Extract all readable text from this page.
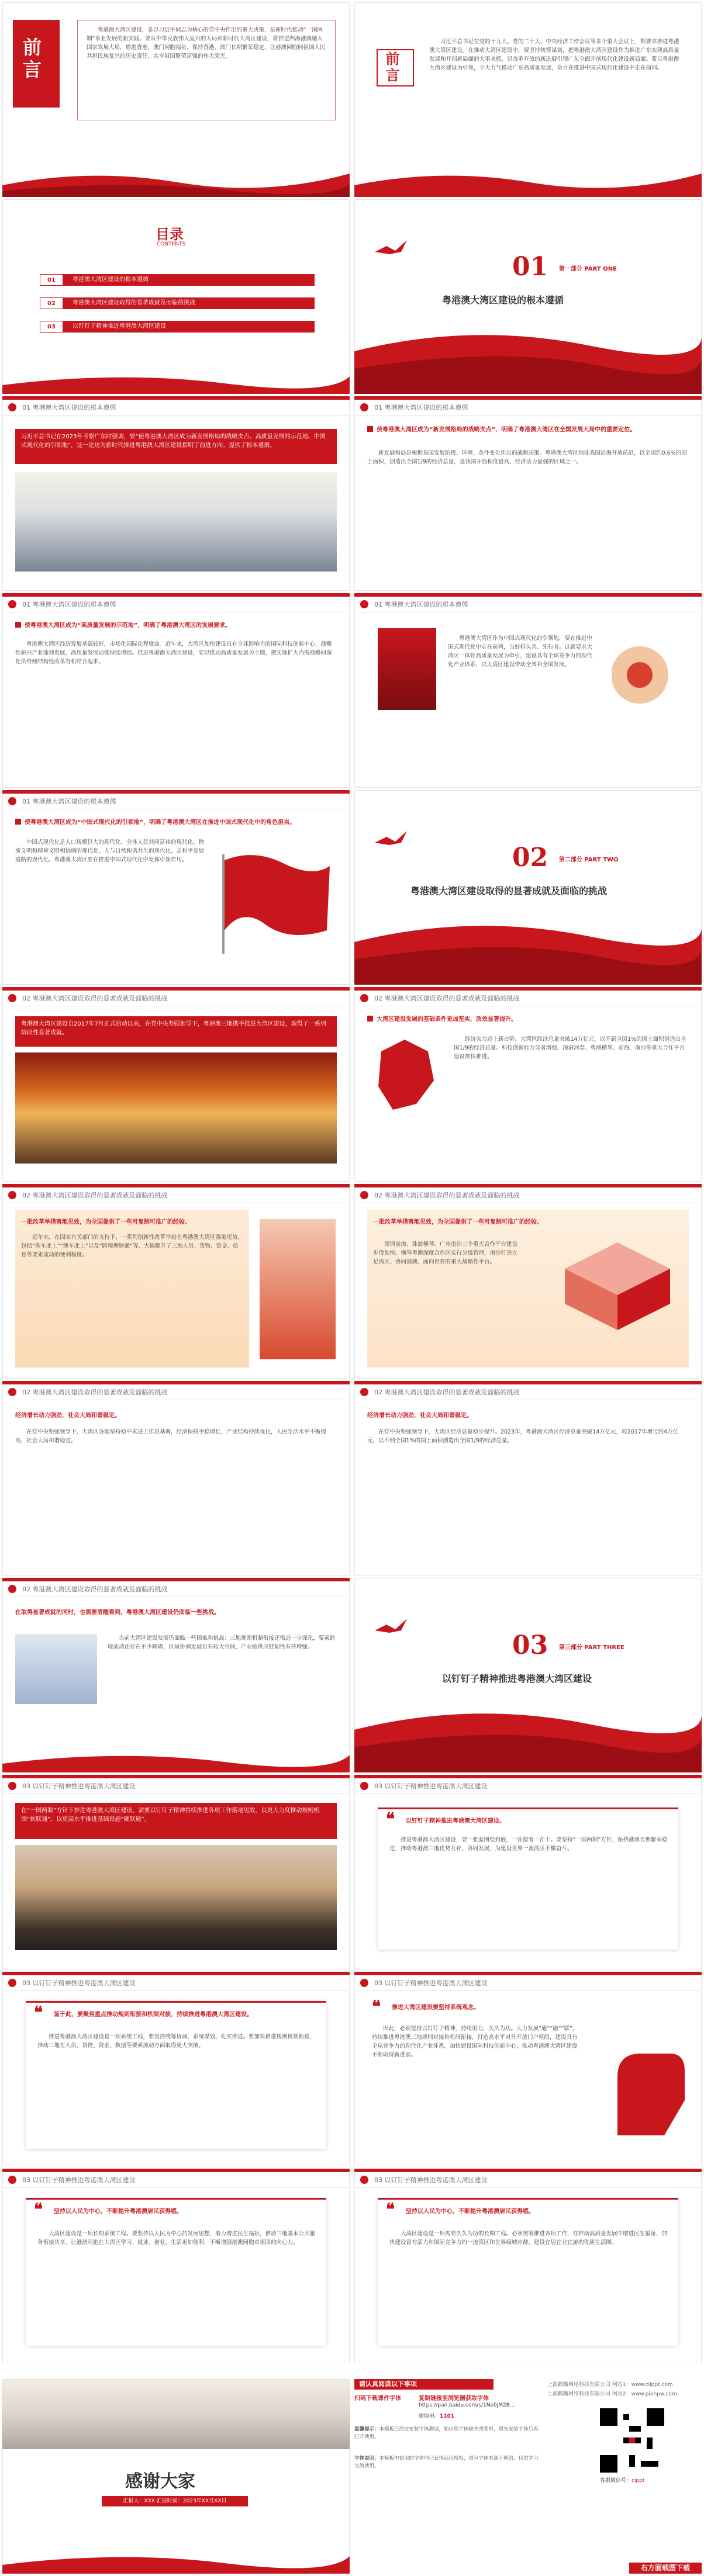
前言

粤港澳大湾区建设，是以习近平同志为核心的党中央作出的重大决策，是新时代推动“一国两制”事业发展的新实践。要从中华民族伟大复兴的大局和新时代大湾区建设，将推进四海港澳融入国家发展大局，增进香港、澳门同胞福祉，保持香港、澳门长期繁荣稳定，让港澳同胞同祖国人民共担民族复兴的历史责任、共享祖国繁荣富强的伟大荣光。	前言

习近平总书记在党的十九大、党的二十大、中央经济工作会议等多个重大会议上，都要求推进粤港澳大湾区建设。在推动大湾区建设中，要坚持统筹谋划，把粤港澳大湾区建设作为推进广东实现高质量发展和开创新局面的大事来抓，以改革开放的新进展引领广东全面开创现代化建设新局面。要以粤港澳大湾区建设为引领，下大力气推动广东高质量发展，奋力在推进中国式现代化建设中走在前列。

目录
CONTENTS
01	粤港澳大湾区建设的根本遵循
02	粤港澳大湾区建设取得的显著成就及面临的挑战
03	以钉钉子精神推进粤港澳大湾区建设
01 第一部分 PART ONE
粤港澳大湾区建设的根本遵循
01 粤港澳大湾区建设的根本遵循
习近平总书记在2023年考察广东时强调，要“使粤港澳大湾区成为新发展格局的战略支点、高质量发展的示范地、中国式现代化的引领地”，这一论述为新时代推进粤港澳大湾区建设指明了前进方向、提供了根本遵循。
01 粤港澳大湾区建设的根本遵循
使粤港澳大湾区成为“新发展格局的战略支点”，明确了粤港澳大湾区在全国发展大局中的重要定位。

新发展格局是根据我国发展阶段、环境、条件变化作出的战略决策。粤港澳大湾区地处我国沿海开放前沿，以全国约0.6%的国土面积，创造出全国1/9的经济总量，是我国开放程度最高、经济活力最强的区域之一。

01 粤港澳大湾区建设的根本遵循
使粤港澳大湾区成为“高质量发展的示范地”，明确了粤港澳大湾区的发展要求。

粤港澳大湾区经济发展基础较好，市场化国际化程度高。近年来，大湾区加快建设具有全球影响力的国际科技创新中心，战略性新兴产业蓬勃发展，高质量发展动能持续增强。推进粤港澳大湾区建设，要以推动高质量发展为主题，把实施扩大内需战略同深化供给侧结构性改革有机结合起来。

01 粤港澳大湾区建设的根本遵循

粤港澳大湾区作为中国式现代化的引领地，要在推进中国式现代化中走在前列，当好排头兵、先行者。这就要求大湾区一体化高质量发展为牵引，建设具有全球竞争力的现代化产业体系，以大湾区建设带动全省和全国发展。

01 粤港澳大湾区建设的根本遵循
使粤港澳大湾区成为“中国式现代化的引领地”，明确了粤港澳大湾区在推进中国式现代化中的角色担当。

中国式现代化是人口规模巨大的现代化、全体人民共同富裕的现代化、物质文明和精神文明相协调的现代化、人与自然和谐共生的现代化、走和平发展道路的现代化。粤港澳大湾区要在推进中国式现代化中发挥引领作用。	02 第二部分 PART TWO
粤港澳大湾区建设取得的显著成就及面临的挑战
02 粤港澳大湾区建设取得的显著成就及面临的挑战
粤港澳大湾区建设自2017年7月正式启动以来，在党中央坚强领导下，粤港澳三地携手推进大湾区建设，取得了一系列阶段性显著成就。
02 粤港澳大湾区建设取得的显著成就及面临的挑战
大湾区建设发展的基础条件更加坚实，质效显著提升。

经济实力迈上新台阶。大湾区经济总量突破14万亿元，以不到全国1%的国土面积创造出全国1/9的经济总量。科技创新能力显著增强，深港河套、粤澳横琴、前海、南沙等重大合作平台建设加快推进。

02 粤港澳大湾区建设取得的显著成就及面临的挑战
一批改革举措落地见效，为全国提供了一些可复制可推广的经验。

近年来，在国家有关部门的支持下，一系列创新性改革举措在粤港澳大湾区落地见效，包括“港车北上”“澳车北上”以及“跨境理财通”等，大幅提升了三地人员、货物、资金、信息等要素流动的便利程度。

02 粤港澳大湾区建设取得的显著成就及面临的挑战
一批改革举措落地见效，为全国提供了一些可复制可推广的经验。

深圳前海、珠海横琴、广州南沙三个重大合作平台建设步伐加快。横琴粤澳深度合作区实行分线管理，南沙打造立足湾区、协同港澳、面向世界的重大战略性平台。

02 粤港澳大湾区建设取得的显著成就及面临的挑战
经济增长动力强劲，社会大局和谐稳定。

在党中央坚强领导下，大湾区各地坚持稳中求进工作总基调，经济保持平稳增长，产业结构持续优化，人民生活水平不断提高，社会大局和谐稳定。

02 粤港澳大湾区建设取得的显著成就及面临的挑战
经济增长动力强劲，社会大局和谐稳定。

在党中央坚强领导下，大湾区经济总量稳步提升。2023年，粤港澳大湾区经济总量突破14万亿元，较2017年增长约4万亿元，以不到全国1%的国土面积创造出全国1/9的经济总量。

02 粤港澳大湾区建设取得的显著成就及面临的挑战
在取得显著成就的同时，也需要清醒看到，粤港澳大湾区建设仍面临一些挑战。

当前大湾区建设发展仍面临一些困难和挑战：三地规则机制衔接还需进一步深化，要素跨境流动还存在不少障碍，区域协调发展仍有较大空间，产业链供应链韧性有待增强。	03 第三部分 PART THREE
以钉钉子精神推进粤港澳大湾区建设
03 以钉钉子精神推进粤港澳大湾区建设
在“一国两制”方针下推进粤港澳大湾区建设，需要以钉钉子精神持续推进各项工作落地见效，以更大力度推动规则机制“软联通”，以更高水平推进基础设施“硬联通”。
03 以钉钉子精神推进粤港澳大湾区建设
❝ 以钉钉子精神推进粤港澳大湾区建设。

推进粤港澳大湾区建设，要一张蓝图绘到底，一茬接着一茬干。要坚持“一国两制”方针，保持港澳长期繁荣稳定，推动粤港澳三地优势互补、协同发展，为建设世界一流湾区不懈奋斗。

03 以钉钉子精神推进粤港澳大湾区建设
❝ 鉴于此，要聚焦重点推动规则衔接和机制对接，持续推进粤港澳大湾区建设。

推进粤港澳大湾区建设是一项系统工程，要坚持统筹协调、系统谋划、扎实推进。要加快推进规则机制衔接，推动三地在人员、货物、资金、数据等要素流动方面取得更大突破。

03 以钉钉子精神推进粤港澳大湾区建设
❝ 推进大湾区建设要坚持系统观念。

因此，必须坚持以钉钉子精神，持续用力，久久为功。大力发展“通”“融”“联”，持续推进粤港澳三地规则对接和机制衔接，打造高水平对外开放门户枢纽，建设具有全球竞争力的现代化产业体系，加快建设国际科技创新中心，推动粤港澳大湾区建设不断取得新进展。

03 以钉钉子精神推进粤港澳大湾区建设
❝ 坚持以人民为中心，不断提升粤港澳居民获得感。

大湾区建设是一项长期系统工程。要坚持以人民为中心的发展思想，着力增进民生福祉，推动三地基本公共服务衔接共享，让港澳同胞在大湾区学习、就业、创业、生活更加便利，不断增强港澳同胞对祖国的向心力。

03 以钉钉子精神推进粤港澳大湾区建设
❝ 坚持以人民为中心，不断提升粤港澳居民获得感。

大湾区建设是一项需要久久为功的长期工程。必须统筹推进各项工作，在推动高质量发展中增进民生福祉，加快建设富有活力和国际竞争力的一流湾区和世界级城市群，建设宜居宜业宜游的优质生活圈。

感谢大家
汇报人：XXX 汇报时间：2023年XX月XX日
请认真阅读以下事项	上海麒麟网络科技有限公司 网站1：www.clippt.com
上海麒麟网络科技有限公司 网站2：www.pianpw.com
扫码下载课件字体	复制链接至浏览器获取字体
https://pan.baidu.com/s/1Ne0jM2B...
提取码：1101
温馨提示：本模板已经过安装字体测试，如出现字体缺失或变形，请先安装字体后再打开使用。
字体说明：本模板中使用的字体均已获得商用授权，部分字体来源于网络，仅供学习交流使用。
客服微信号：cippt
右方面载图下载
